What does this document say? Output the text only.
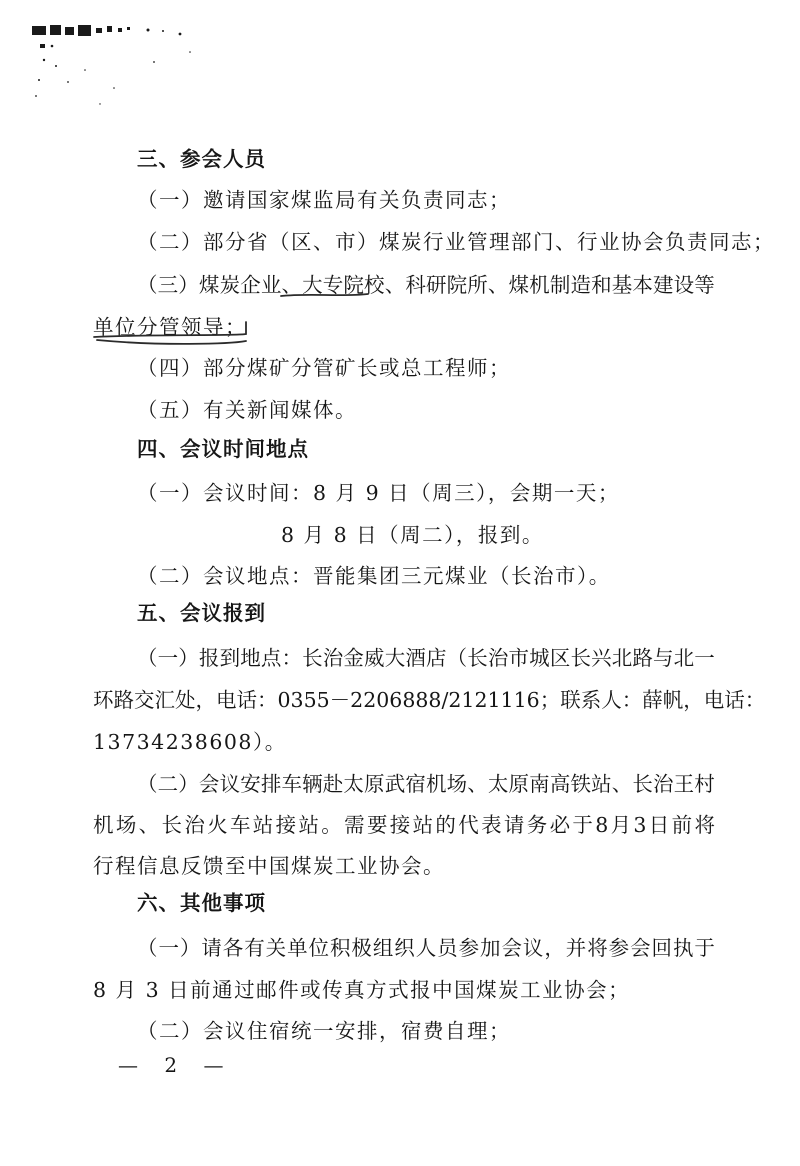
三、参会人员
（一）邀请国家煤监局有关负责同志；
（二）部分省（区、市）煤炭行业管理部门、行业协会负责同志；
（ 三 ） 煤 炭 企 业 、 大 专 院 校 、 科 研 院 所 、 煤 机 制 造 和 基 本 建 设 等
单位分管领导；
（四）部分煤矿分管矿长或总工程师；
（五）有关新闻媒体。
四、会议时间地点
（一）会议时间：8 月 9 日（周三），会期一天；
8 月 8 日（周二），报到。
（二）会议地点：晋能集团三元煤业（长治市）。
五、会议报到
（ 一 ） 报 到 地 点 ： 长 治 金 威 大 酒 店 （ 长 治 市 城 区 长 兴 北 路 与 北 一
环 路 交 汇 处 ， 电 话 ： 0355－2206888/2121116 ； 联 系 人 ： 薛 帆 ， 电 话 ：
13734238608）。
（ 二 ） 会 议 安 排 车 辆 赴 太 原 武 宿 机 场 、 太 原 南 高 铁 站 、 长 治 王 村
机 场 、 长 治 火 车 站 接 站 。 需 要 接 站 的 代 表 请 务 必 于 8 月 3 日 前 将
行程信息反馈至中国煤炭工业协会。
六、其他事项
（ 一 ） 请 各 有 关 单 位 积 极 组 织 人 员 参 加 会 议 ， 并 将 参 会 回 执 于
8 月 3 日前通过邮件或传真方式报中国煤炭工业协会；
（二）会议住宿统一安排，宿费自理；
— 2 —
